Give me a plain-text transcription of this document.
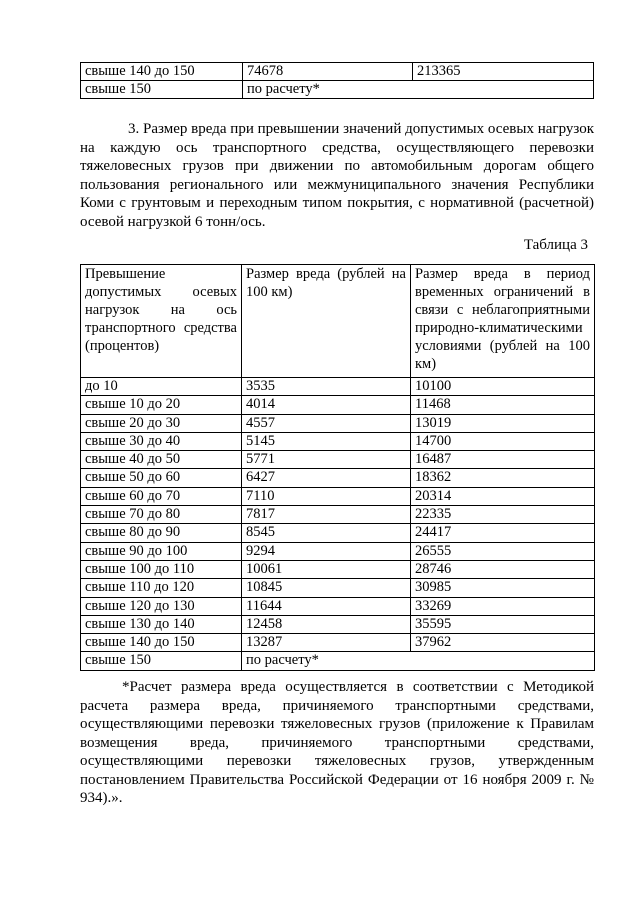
свыше 140 до 150	74678	213365
свыше 150	по расчету*	

3. Размер вреда при превышении значений допустимых осевых нагрузок на каждую ось транспортного средства, осуществляющего перевозки тяжеловесных грузов при движении по автомобильным дорогам общего пользования регионального или межмуниципального значения Республики Коми с грунтовым и переходным типом покрытия, с нормативной (расчетной) осевой нагрузкой 6 тонн/ось.

Таблица 3
Превышение допустимых осевых нагрузок на ось транспортного средства (процентов)	Размер вреда (рублей на 100 км)	Размер вреда в период временных ограничений в связи с неблагоприятными природно-климатическими условиями (рублей на 100 км)
до 10	3535	10100
свыше 10 до 20	4014	11468
свыше 20 до 30	4557	13019
свыше 30 до 40	5145	14700
свыше 40 до 50	5771	16487
свыше 50 до 60	6427	18362
свыше 60 до 70	7110	20314
свыше 70 до 80	7817	22335
свыше 80 до 90	8545	24417
свыше 90 до 100	9294	26555
свыше 100 до 110	10061	28746
свыше 110 до 120	10845	30985
свыше 120 до 130	11644	33269
свыше 130 до 140	12458	35595
свыше 140 до 150	13287	37962
свыше 150	по расчету*	

*Расчет размера вреда осуществляется в соответствии с Методикой расчета размера вреда, причиняемого транспортными средствами, осуществляющими перевозки тяжеловесных грузов (приложение к Правилам возмещения вреда, причиняемого транспортными средствами, осуществляющими перевозки тяжеловесных грузов, утвержденным постановлением Правительства Российской Федерации от 16 ноября 2009 г. № 934).».
